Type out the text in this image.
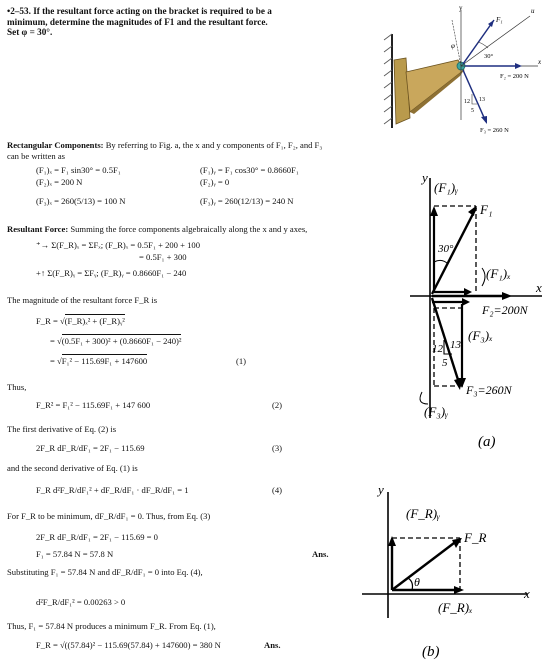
•2–53. If the resultant force acting on the bracket is required to be a minimum, determine the magnitudes of F1 and the resultant force. Set φ = 30°.
y	u
F₁
φ
30°
x
F₂ = 200 N
12 13
5
F₃ = 260 N
Rectangular Components: By referring to Fig. a, the x and y components of F₁, F₂, and F₃
can be written as
(F₁)ₓ = F₁ sin30° = 0.5F₁	(F₁)ᵧ = F₁ cos30° = 0.8660F₁
(F₂)ₓ = 200 N	(F₂)ᵧ = 0
(F₃)ₓ = 260(5/13) = 100 N	(F₃)ᵧ = 260(12/13) = 240 N
Resultant Force: Summing the force components algebraically along the x and y axes,
⁺→ Σ(F_R)ₓ = ΣFₓ; (F_R)ₓ = 0.5F₁ + 200 + 100
= 0.5F₁ + 300
+↑ Σ(F_R)ᵧ = ΣFᵧ; (F_R)ᵧ = 0.8660F₁ − 240
The magnitude of the resultant force F_R is
F_R = √(F_R)ₓ² + (F_R)ᵧ²
= √(0.5F₁ + 300)² + (0.8660F₁ − 240)²
= √F₁² − 115.69F₁ + 147600	(1)
Thus,
F_R² = F₁² − 115.69F₁ + 147 600	(2)
The first derivative of Eq. (2) is
2F_R dF_R/dF₁ = 2F₁ − 115.69	(3)
and the second derivative of Eq. (1) is
F_R d²F_R/dF₁² + dF_R/dF₁ · dF_R/dF₁ = 1	(4)
For F_R to be minimum, dF_R/dF₁ = 0. Thus, from Eq. (3)
2F_R dF_R/dF₁ = 2F₁ − 115.69 = 0
F₁ = 57.84 N = 57.8 N	Ans.
Substituting F₁ = 57.84 N and dF_R/dF₁ = 0 into Eq. (4),
d²F_R/dF₁² = 0.00263 > 0
Thus, F₁ = 57.84 N produces a minimum F_R. From Eq. (1),
F_R = √((57.84)² − 115.69(57.84) + 147600) = 380 N	Ans.
y
(F₁)ᵧ
F₁
30°
(F₁)ₓ
x
F₂=200N
(F₃)ₓ
13
12
5
F₃=260N
(F₃)ᵧ
(a)
y
(F_R)ᵧ
F_R
θ
(F_R)ₓ
x
(b)
